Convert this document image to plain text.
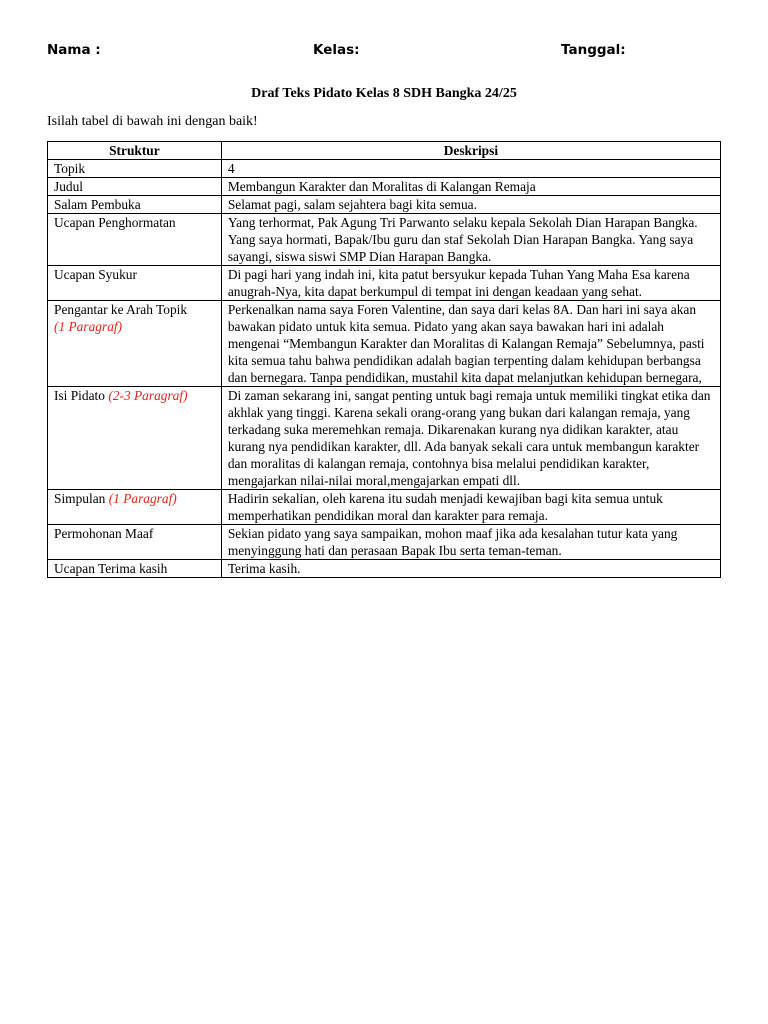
Nama :	Kelas:	Tanggal:
Draf Teks Pidato Kelas 8 SDH Bangka 24/25
Isilah tabel di bawah ini dengan baik!
Struktur	Deskripsi
Topik	4
Judul	Membangun Karakter dan Moralitas di Kalangan Remaja
Salam Pembuka	Selamat pagi, salam sejahtera bagi kita semua.
Ucapan Penghormatan	Yang terhormat, Pak Agung Tri Parwanto selaku kepala Sekolah Dian Harapan Bangka. Yang saya hormati, Bapak/Ibu guru dan staf Sekolah Dian Harapan Bangka. Yang saya sayangi, siswa siswi SMP Dian Harapan Bangka.
Ucapan Syukur	Di pagi hari yang indah ini, kita patut bersyukur kepada Tuhan Yang Maha Esa karena anugrah-Nya, kita dapat berkumpul di tempat ini dengan keadaan yang sehat.
Pengantar ke Arah Topik
(1 Paragraf)	Perkenalkan nama saya Foren Valentine, dan saya dari kelas 8A. Dan hari ini saya akan bawakan pidato untuk kita semua. Pidato yang akan saya bawakan hari ini adalah mengenai “Membangun Karakter dan Moralitas di Kalangan Remaja” Sebelumnya, pasti kita semua tahu bahwa pendidikan adalah bagian terpenting dalam kehidupan berbangsa dan bernegara. Tanpa pendidikan, mustahil kita dapat melanjutkan kehidupan bernegara,
Isi Pidato (2-3 Paragraf)	Di zaman sekarang ini, sangat penting untuk bagi remaja untuk memiliki tingkat etika dan akhlak yang tinggi. Karena sekali orang-orang yang bukan dari kalangan remaja, yang terkadang suka meremehkan remaja. Dikarenakan kurang nya didikan karakter, atau kurang nya pendidikan karakter, dll. Ada banyak sekali cara untuk membangun karakter dan moralitas di kalangan remaja, contohnya bisa melalui pendidikan karakter, mengajarkan nilai-nilai moral,mengajarkan empati dll.
Simpulan (1 Paragraf)	Hadirin sekalian, oleh karena itu sudah menjadi kewajiban bagi kita semua untuk memperhatikan pendidikan moral dan karakter para remaja.
Permohonan Maaf	Sekian pidato yang saya sampaikan, mohon maaf jika ada kesalahan tutur kata yang menyinggung hati dan perasaan Bapak Ibu serta teman-teman.
Ucapan Terima kasih	Terima kasih.
